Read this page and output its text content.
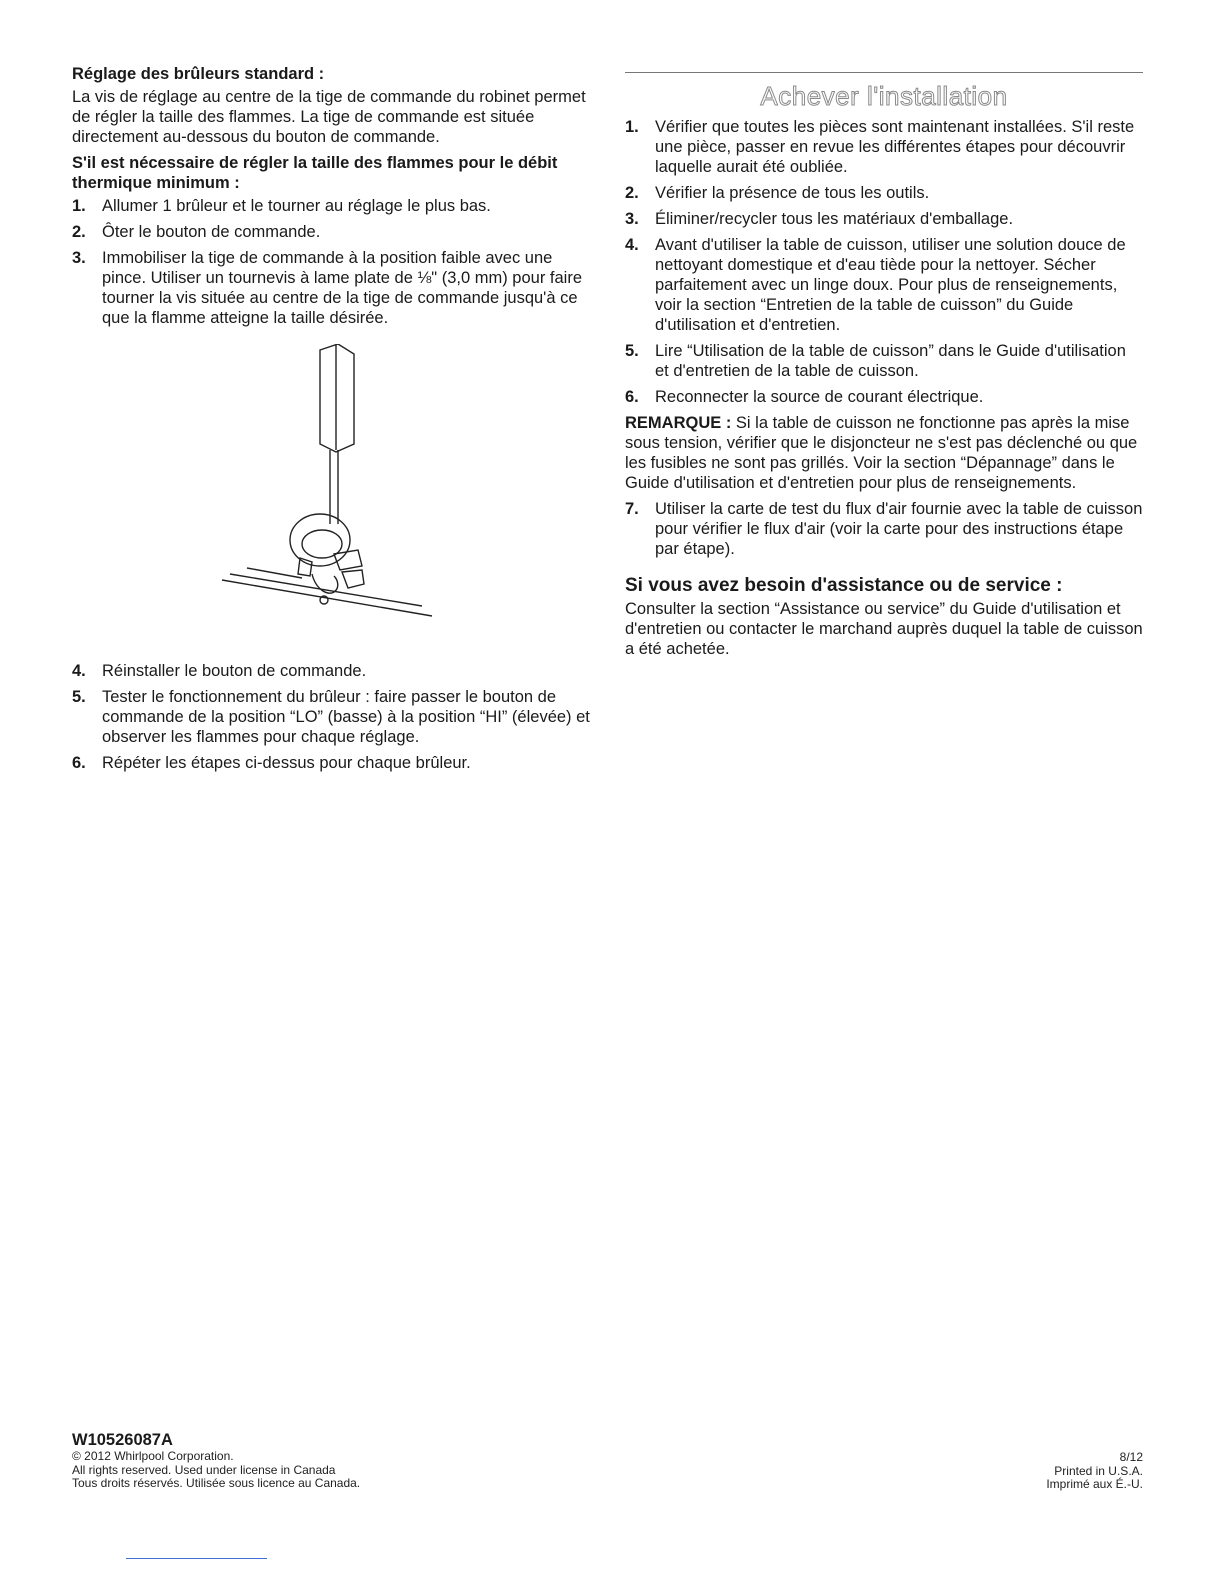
Réglage des brûleurs standard :

La vis de réglage au centre de la tige de commande du robinet permet de régler la taille des flammes. La tige de commande est située directement au-dessous du bouton de commande.

S'il est nécessaire de régler la taille des flammes pour le débit thermique minimum :
1. Allumer 1 brûleur et le tourner au réglage le plus bas.
2. Ôter le bouton de commande.
3. Immobiliser la tige de commande à la position faible avec une pince. Utiliser un tournevis à lame plate de ⅛" (3,0 mm) pour faire tourner la vis située au centre de la tige de commande jusqu'à ce que la flamme atteigne la taille désirée.
4. Réinstaller le bouton de commande.
5. Tester le fonctionnement du brûleur : faire passer le bouton de commande de la position “LO” (basse) à la position “HI” (élevée) et observer les flammes pour chaque réglage.
6. Répéter les étapes ci-dessus pour chaque brûleur.
Achever l'installation
1. Vérifier que toutes les pièces sont maintenant installées. S'il reste une pièce, passer en revue les différentes étapes pour découvrir laquelle aurait été oubliée.
2. Vérifier la présence de tous les outils.
3. Éliminer/recycler tous les matériaux d'emballage.
4. Avant d'utiliser la table de cuisson, utiliser une solution douce de nettoyant domestique et d'eau tiède pour la nettoyer. Sécher parfaitement avec un linge doux. Pour plus de renseignements, voir la section “Entretien de la table de cuisson” du Guide d'utilisation et d'entretien.
5. Lire “Utilisation de la table de cuisson” dans le Guide d'utilisation et d'entretien de la table de cuisson.
6. Reconnecter la source de courant électrique.

REMARQUE : Si la table de cuisson ne fonctionne pas après la mise sous tension, vérifier que le disjoncteur ne s'est pas déclenché ou que les fusibles ne sont pas grillés. Voir la section “Dépannage” dans le Guide d'utilisation et d'entretien pour plus de renseignements.

7. Utiliser la carte de test du flux d'air fournie avec la table de cuisson pour vérifier le flux d'air (voir la carte pour des instructions étape par étape).
Si vous avez besoin d'assistance ou de service :

Consulter la section “Assistance ou service” du Guide d'utilisation et d'entretien ou contacter le marchand auprès duquel la table de cuisson a été achetée.

W10526087A
© 2012 Whirlpool Corporation.
All rights reserved. Used under license in Canada
Tous droits réservés. Utilisée sous licence au Canada.
8/12
Printed in U.S.A.
Imprimé aux É.-U.
